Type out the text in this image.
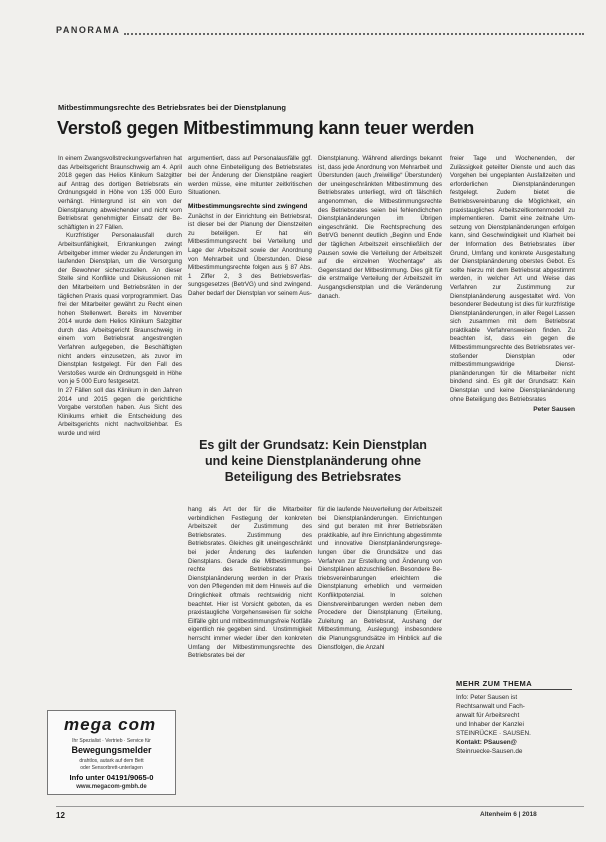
PANORAMA
Mitbestimmungsrechte des Betriebsrates bei der Dienstplanung
Verstoß gegen Mitbestimmung kann teuer werden

In einem Zwangsvollstreckungsverfahren hat das Arbeitsgericht Braunschweig am 4. April 2018 gegen das Helios Klinikum Salzgitter auf Antrag des dortigen Betriebsrats ein Ordnungsgeld in Höhe von 135 000 Euro verhängt. Hintergrund ist ein von der Dienstplanung abweichender und nicht vom Betriebsrat genehmigter Einsatz der Beschäftigten in 27 Fällen.

Kurzfristiger Personalausfall durch Arbeitsunfähigkeit, Erkrankungen zwingt Arbeitgeber immer wieder zu Änderungen im laufenden Dienstplan, um die Versorgung der Bewohner sicherzustellen. An dieser Stelle sind Konflikte und Diskussionen mit den Mitarbeitern und Betriebsräten in der täglichen Praxis quasi vorprogrammiert. Das frei der Mitarbeiter gewährt zu Recht einen hohen Stellenwert. Bereits im November 2014 wurde dem Helios Klinikum Salzgitter durch das Arbeitsgericht Braunschweig in einem vom Betriebsrat angestrengten Verfahren aufgegeben, die Beschäftigten nicht anders einzusetzen, als zuvor im Dienstplan festgelegt. Für den Fall des Verstoßes wurde ein Ordnungsgeld in Höhe von je 5 000 Euro festgesetzt.

In 27 Fällen soll das Klinikum in den Jahren 2014 und 2015 gegen die gerichtliche Vorgabe verstoßen haben. Aus Sicht des Klinikums erhielt die Entscheidung des Arbeitsgerichts nicht nachvollziehbar. Es wurde und wird

argumentiert, dass auf Personalausfälle ggf. auch ohne Einbeteiligung des Betriebsrates bei der Änderung der Dienstpläne reagiert werden müsse, eine mitunter zeitkritischen Situationen.

Mitbestimmungsrechte sind zwingend

Zunächst in der Einrichtung ein Betriebsrat, ist dieser bei der Planung der Dienstzeiten zu beteiligen. Er hat ein Mitbestimmungsrecht bei Verteilung und Lage der Arbeitszeit sowie der Anordnung von Mehrarbeit und Überstunden. Diese Mitbestimmungsrechte folgen aus § 87 Abs. 1 Ziffer 2, 3 des Betriebsverfassungsgesetzes (BetrVG) und sind zwingend. Daher bedarf der Dienstplan vor seinem Aus-

Dienstplanung. Während allerdings bekannt ist, dass jede Anordnung von Mehrarbeit und Überstunden (auch „freiwillige“ Überstunden) der uneingeschränkten Mitbestimmung des Betriebsrates unterliegt, wird oft fälschlich angenommen, die Mitbestimmungsrechte des Betriebsrates seien bei fehlendichchen Dienstplanänderungen im Übrigen eingeschränkt. Die Rechtsprechung des BetrVG benennt deutlich „Beginn und Ende der täglichen Arbeitszeit einschließlich der Pausen sowie die Verteilung der Arbeitszeit auf die einzelnen Wochentage“ als Gegenstand der Mitbestimmung. Dies gilt für die erstmalige Verteilung der Arbeitszeit im Ausgangsdienstplan und die Veränderung danach.

Es gilt der Grundsatz: Kein Dienstplan und keine Dienstplanänderung ohne Beteiligung des Betriebsrates

hang als Art der für die Mitarbeiter verbindlichen Festlegung der konkreten Arbeitszeit der Zustimmung des Betriebsrates. Zustimmung des Betriebsrates. Gleiches gilt uneingeschränkt bei jeder Änderung des laufenden Dienstplans. Gerade die Mitbestimmungsrechte des Betriebsrates bei Dienstplanänderung werden in der Praxis von den Pflegenden mit dem Hinweis auf die Dringlichkeit oftmals rechtswidrig nicht beachtet. Hier ist Vorsicht geboten, da es praxistaugliche Vorgehensweisen für solche Eilfälle gibt und mitbestimmungsfreie Notfälle eigentlich nie gegeben sind. Unstimmigkeit herrscht immer wieder über den konkreten Umfang der Mitbestimmungsrechte des Betriebsrates bei der

für die laufende Neuverteilung der Arbeitszeit bei Dienstplanänderungen. Einrichtungen sind gut beraten mit ihrer Betriebsräten praktikable, auf ihre Einrichtung abgestimmte und innovative Dienstplanänderungsregelungen über die Grundsätze und das Verfahren zur Erstellung und Änderung von Dienstplänen abzuschließen. Besondere Betriebsvereinbarungen erleichtern die Dienstplanung erheblich und vermeiden Konfliktpotenzial. In solchen Dienstvereinbarungen werden neben dem Procedere der Dienstplanung (Erteilung, Zuleitung an Betriebsrat, Aushang der Mitbestimmung, Auslegung) insbesondere die Planungsgrundsätze im Hinblick auf die Dienstfolgen, die Anzahl

freier Tage und Wochenenden, der Zulässigkeit geteilter Dienste und auch das Vorgehen bei ungeplanten Ausfallzeiten und erforderlichen Dienstplanänderungen festgelegt. Zudem bietet die Betriebsvereinbarung die Möglichkeit, ein praxistaugliches Arbeitszeitkontenmodell zu implementieren. Damit eine zeitnahe Umsetzung von Dienstplanänderungen erfolgen kann, sind Geschwindigkeit und Klarheit bei der Information des Betriebsrates über Grund, Umfang und konkrete Ausgestaltung der Dienstplanänderung oberstes Gebot. Es sollte hierzu mit dem Betriebsrat abgestimmt werden, in welcher Art und Weise das Verfahren zur Zustimmung zur Dienstplanänderung ausgestaltet wird. Von besonderer Bedeutung ist dies für kurzfristige Dienstplanänderungen, in aller Regel Lassen sich zusammen mit dem Betriebsrat praktikable Verfahrensweisen finden. Zu beachten ist, dass ein gegen die Mitbestimmungsrechte des Betriebsrates verstoßender Dienstplan oder mitbestimmungswidrige Dienstplanänderungen für die Mitarbeiter nicht bindend sind. Es gilt der Grundsatz: Kein Dienstplan und keine Dienstplanänderung ohne Beteiligung des Betriebsrates

Peter Sausen
MEHR ZUM THEMA
Info: Peter Sausen ist
Rechtsanwalt und Fach-
anwalt für Arbeitsrecht
und Inhaber der Kanzlei
STEINRÜCKE · SAUSEN.
Kontakt: PSausen@
Steinruecke-Sausen.de
mega com
Ihr Spezialist · Vertrieb · Service für
Bewegungsmelder
drahtlos, autark auf dem Bett
oder Sensorbrett-unterlagen
Info unter 04191/9065-0
www.megacom-gmbh.de
12	Altenheim 6 | 2018
